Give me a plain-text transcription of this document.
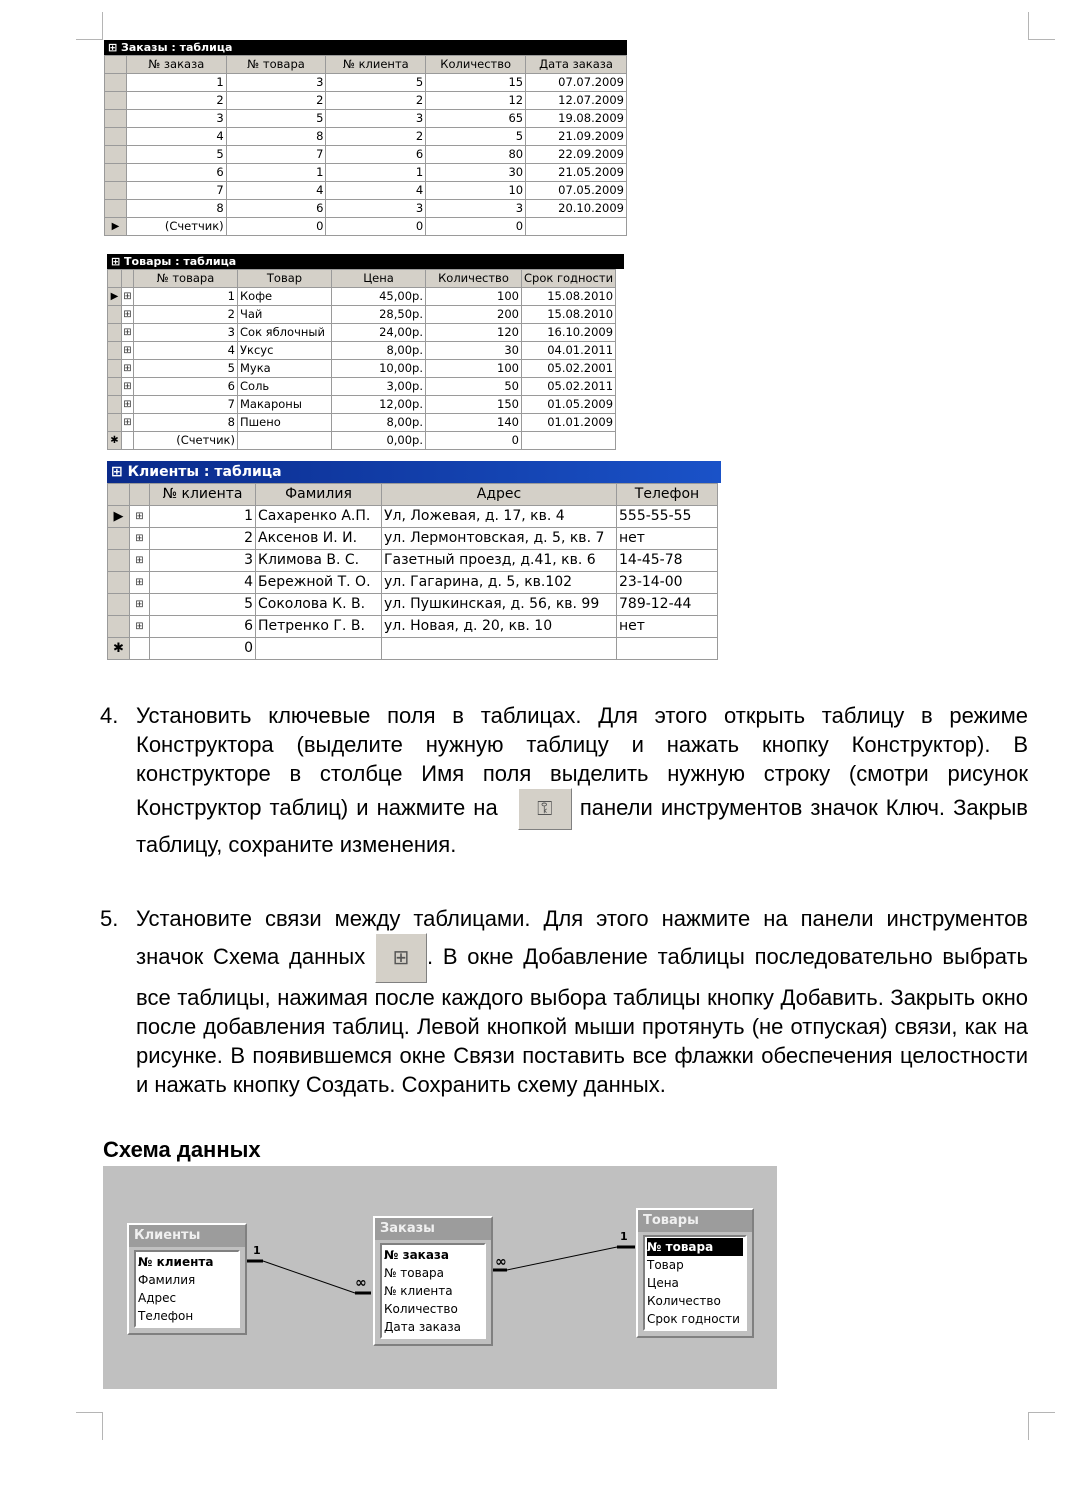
⊞ Заказы : таблица
	№ заказа	№ товара	№ клиента	Количество	Дата заказа
	1	3	5	15	07.07.2009
	2	2	2	12	12.07.2009
	3	5	3	65	19.08.2009
	4	8	2	5	21.09.2009
	5	7	6	80	22.09.2009
	6	1	1	30	21.05.2009
	7	4	4	10	07.05.2009
	8	6	3	3	20.10.2009
▶	(Счетчик)	0	0	0	
⊞ Товары : таблица
		№ товара	Товар	Цена	Количество	Срок годности
▶	⊞	1	Кофе	45,00р.	100	15.08.2010
	⊞	2	Чай	28,50р.	200	15.08.2010
	⊞	3	Сок яблочный	24,00р.	120	16.10.2009
	⊞	4	Уксус	8,00р.	30	04.01.2011
	⊞	5	Мука	10,00р.	100	05.02.2001
	⊞	6	Соль	3,00р.	50	05.02.2011
	⊞	7	Макароны	12,00р.	150	01.05.2009
	⊞	8	Пшено	8,00р.	140	01.01.2009
✱		(Счетчик)		0,00р.	0	
⊞ Клиенты : таблица
		№ клиента	Фамилия	Адрес	Телефон
▶	⊞	1	Сахаренко А.П.	Ул, Ложевая, д. 17, кв. 4	555-55-55
	⊞	2	Аксенов И. И.	ул. Лермонтовская, д. 5, кв. 7	нет
	⊞	3	Климова В. С.	Газетный проезд, д.41, кв. 6	14-45-78
	⊞	4	Бережной Т. О.	ул. Гагарина, д. 5, кв.102	23-14-00
	⊞	5	Соколова К. В.	ул. Пушкинская, д. 56, кв. 99	789-12-44
	⊞	6	Петренко Г. В.	ул. Новая, д. 20, кв. 10	нет
✱		0			
4. Установить ключевые поля в таблицах. Для этого открыть таблицу в режиме Конструктора (выделите нужную таблицу и нажать кнопку Конструктор). В конструкторе в столбце Имя поля выделить нужную строку (смотри рисунок Конструктор таблиц) и нажмите на ⚿ панели инструментов значок Ключ. Закрыв таблицу, сохраните изменения.
5. Установите связи между таблицами. Для этого нажмите на панели инструментов значок Схема данных ⊞ . В окне Добавление таблицы последовательно выбрать все таблицы, нажимая после каждого выбора таблицы кнопку Добавить. Закрыть окно после добавления таблиц. Левой кнопкой мыши протянуть (не отпуская) связи, как на рисунке. В появившемся окне Связи поставить все флажки обеспечения целостности и нажать кнопку Создать. Сохранить схему данных.
Схема данных
1
∞
∞
1
Клиенты
№ клиента
Фамилия
Адрес
Телефон
Заказы
№ заказа
№ товара
№ клиента
Количество
Дата заказа
Товары
№ товара
Товар
Цена
Количество
Срок годности
